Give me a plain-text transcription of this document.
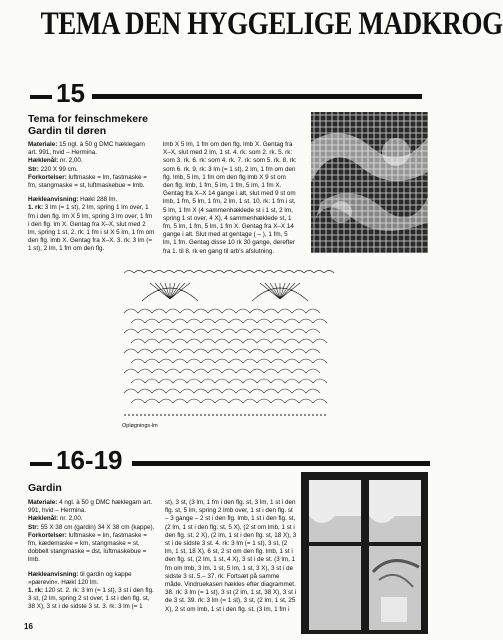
TEMA DEN HYGGELIGE MADKROG
15
Tema for feinschmekere
Gardin til døren

Materiale: 15 ngl. à 50 g DMC hæklegarn art. 991, hvid – Hermina.

Hæklenål: nr. 2,00.

Str: 220 X 99 cm.

Forkortelser: luftmaske = lm, fastmaske = fm, stangmaske = st, luftmaskebue = lmb.

Hækleanvisning: Hækl 288 lm.

1. rk: 3 lm (= 1 st), 2 lm, spring 1 lm over, 1 fm i den flg. lm X 5 lm, spring 3 lm over, 1 fm i den flg. lm X. Gentag fra X–X, slut med 2 lm, spring 1 st, 2. rk: 1 fm i st X 5 lm, 1 fm om den flg. lmb X. Gentag fra X–X. 3. rk: 3 lm (= 1 st), 2 lm, 1 fm om den flg.

lmb X 5 lm, 1 fm om den flg. lmb X. Gentag fra X–X, slut med 2 lm, 1 st. 4. rk: som 2. rk. 5. rk: som 3. rk. 6. rk: som 4. rk. 7. rk: som 5. rk. 8. rk: som 6. rk. 9. rk: 3 lm (= 1 st), 2 lm, 1 fm om den flg. lmb, 5 lm, 1 fm om den flg lmb X 9 st om den flg. lmb, 1 fm, 5 lm, 1 fm, 5 lm, 1 fm X. Gentag fra X–X 14 gange i alt, slut med 9 st om lmb, 1 fm, 5 lm, 1 fm, 2 lm, 1 st. 10. rk: 1 fm i st, 5 lm, 1 fm X (4 sammenhæklede st i 1 st, 2 lm, spring 1 st over, 4 X), 4 sammenhæklede st, 1 fm, 5 lm, 1 fm, 5 lm, 1 fm X. Gentag fra X–X 14 gange i alt. Slut med at gentage ( – ), 1 fm, 5 lm, 1 fm. Gentag disse 10 rk 30 gange, derefter fra 1. til 8. rk en gang til arb's afslutning.

Opløgnings-lm
16-19
Gardin

Materiale: 4 ngl. à 50 g DMC hæklegarn art. 991, hvid – Hermina.

Hæklenål: nr. 2,00.

Str: 55 X 38 cm (gardin) 34 X 38 cm (kappe).

Forkortelser: luftmaske = lm, fastmaske = fm, kædemaske = km, stangmaske = st, dobbelt stangmaske = dst, luftmaskebue = lmb.

Hækleanvisning: til gardin og kappe »pærevin«. Hækl 120 lm.

1. rk: 120 st. 2. rk: 3 lm (= 1 st), 3 st i den flg. 3 st, (2 lm, spring 2 st over, 1 st i den flg. st, 38 X), 3 st i de sidste 3 st. 3. rk: 3 lm (= 1

st), 3 st, (3 lm, 1 fm i den flg. st, 3 lm, 1 st i den flg. st, 5 lm, spring 2 lmb over, 1 st i den flg. st – 3 gange – 2 st i den flg. lmb, 1 st i den flg. st, (2 lm, 1 st i den flg. st, 5 X), (2 st om lmb, 1 st i den flg. st, 2 X), (2 lm, 1 st i den flg. st, 18 X), 3 st i de sidste 3 st. 4. rk: 3 lm (= 1 st), 3 st, (2 lm, 1 st, 18 X), 6 st, 2 st om den flg. lmb, 1 st i den flg. st, (2 lm, 1 st, 4 X), 3 st i de st. (3 lm, 1 fm om lmb, 3 lm, 1 st, 5 lm, 1 st, 3 X), 3 st i de sidste 3 st. 5.– 37. rk: Fortsæt på samme måde. Vindruekasen hækles efter diagrammet. 38. rk: 3 lm (= 1 st), 3 st (2 lm, 1 st, 38 X), 3 st i de 3 st. 39. rk: 3 lm (= 1 st), 3 st, (2 lm, 1 st, 25 X), 2 st om lmb, 1 st i den flg. st, (3 lm, 1 fm i

16
